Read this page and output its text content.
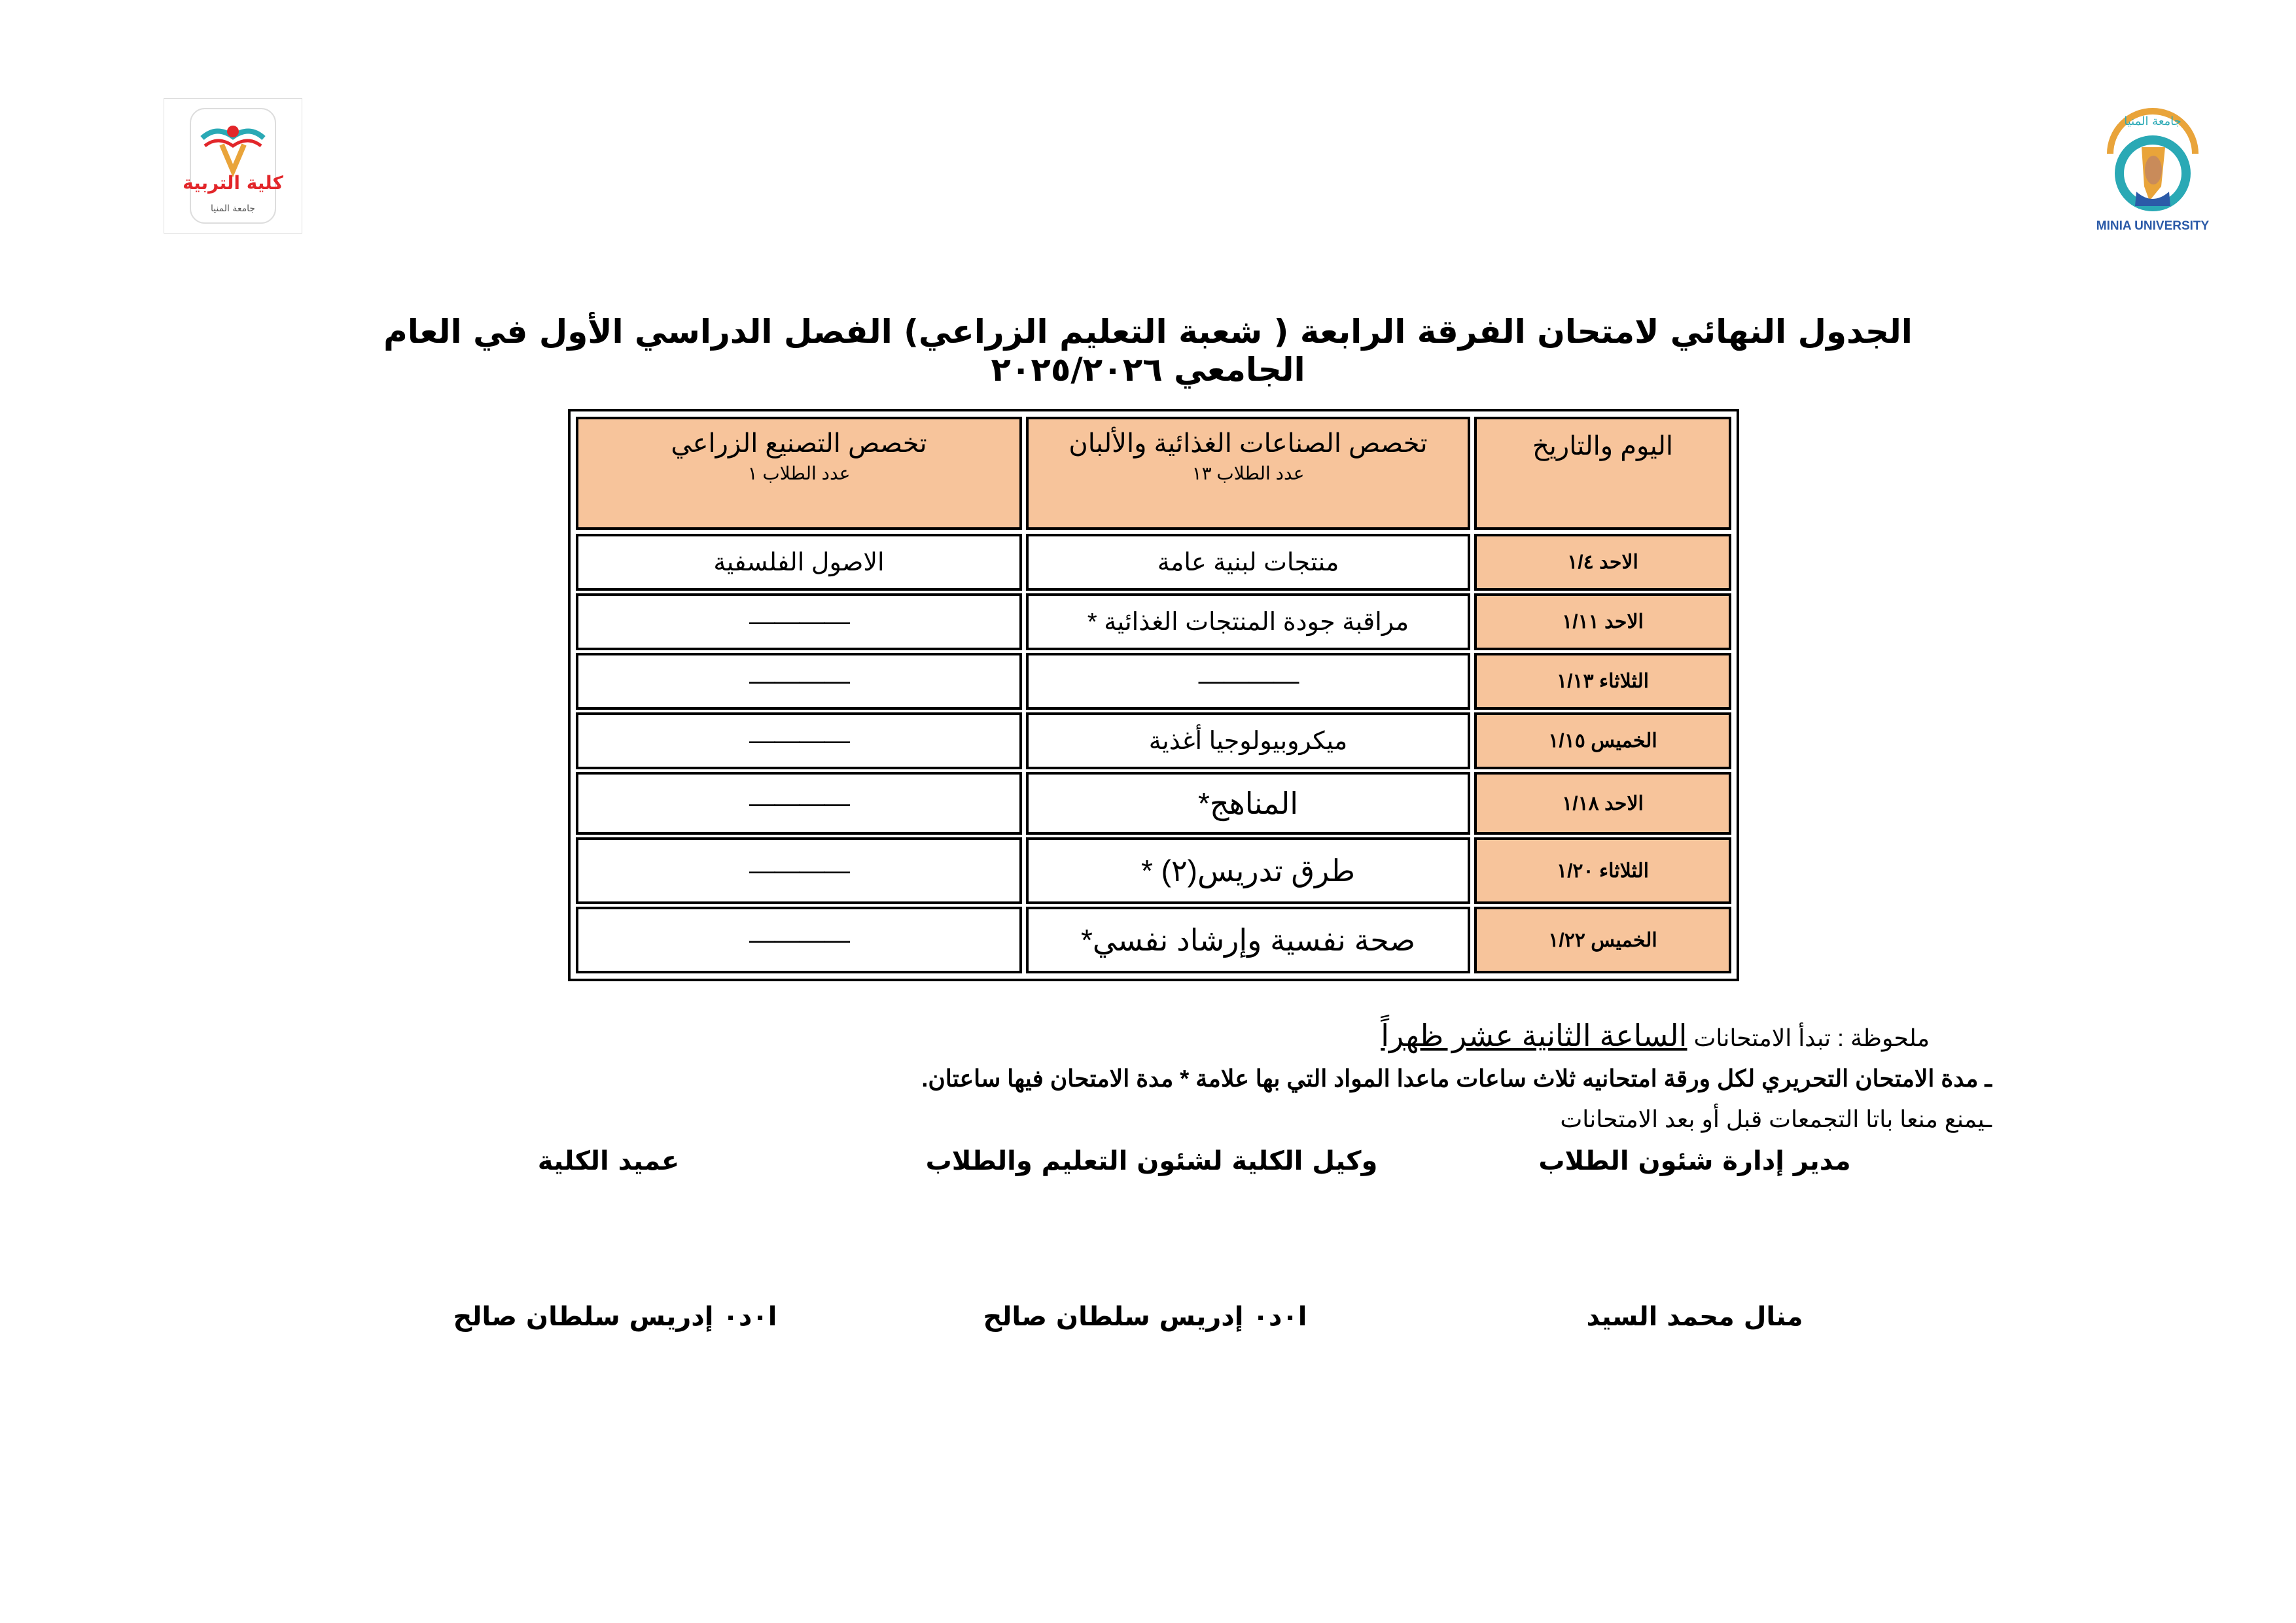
جامعة المنيا
MINIA UNIVERSITY
كلية التربية
جامعة المنيا
الجدول النهائي لامتحان الفرقة الرابعة ( شعبة التعليم الزراعي) الفصل الدراسي الأول في العام الجامعي ٢٠٢٥/٢٠٢٦
اليوم والتاريخ
تخصص الصناعات الغذائية والألبان
عدد الطلاب ١٣
تخصص التصنيع الزراعي
عدد الطلاب ١
الاحد ١/٤
منتجات لبنية عامة
الاصول الفلسفية
الاحد ١/١١
مراقبة جودة المنتجات الغذائية *
————
الثلاثاء ١/١٣
————
————
الخميس ١/١٥
ميكروبيولوجيا أغذية
————
الاحد ١/١٨
المناهج*
————
الثلاثاء ١/٢٠
طرق تدريس(٢) *
————
الخميس ١/٢٢
صحة نفسية وإرشاد نفسي*
————
ملحوظة : تبدأ الامتحانات الساعة الثانية عشر ظهراً
ـ مدة الامتحان التحريري لكل ورقة امتحانيه ثلاث ساعات ماعدا المواد التي بها علامة * مدة الامتحان فيها ساعتان.
ـيمنع منعا باتا التجمعات قبل أو بعد الامتحانات
مدير إدارة شئون الطلاب
وكيل الكلية لشئون التعليم والطلاب
عميد الكلية
منال محمد السيد
ا٠د٠ إدريس سلطان صالح
ا٠د٠ إدريس سلطان صالح
